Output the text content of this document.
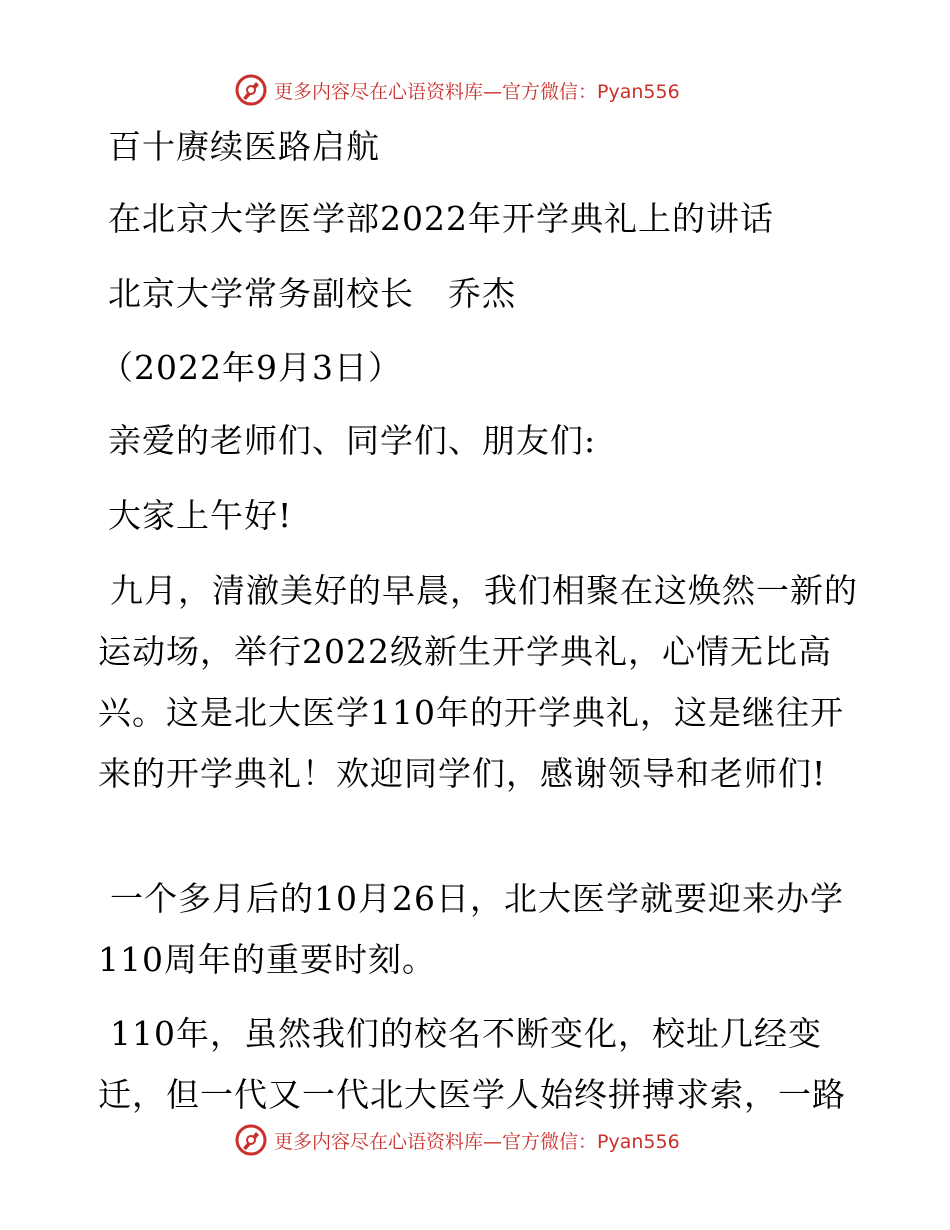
更多内容尽在心语资料库—官方微信：Pyan556
百十赓续医路启航
在北京大学医学部2022年开学典礼上的讲话
北京大学常务副校长　乔杰
（2022年9月3日）
亲爱的老师们、同学们、朋友们:
大家上午好!
九月，清澈美好的早晨，我们相聚在这焕然一新的运动场，举行2022级新生开学典礼，心情无比高兴。这是北大医学110年的开学典礼，这是继往开来的开学典礼！欢迎同学们，感谢领导和老师们!
一个多月后的10月26日，北大医学就要迎来办学110周年的重要时刻。
110年，虽然我们的校名不断变化，校址几经变迁，但一代又一代北大医学人始终拼搏求索，一路
更多内容尽在心语资料库—官方微信：Pyan556
